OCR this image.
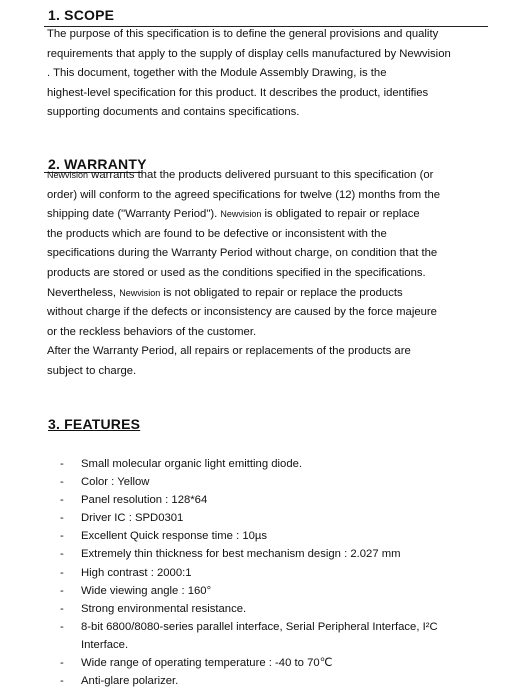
1. SCOPE
The purpose of this specification is to define the general provisions and quality
requirements that apply to the supply of display cells manufactured by Newvision
. This document, together with the Module Assembly Drawing, is the
highest-level specification for this product. It describes the product, identifies
supporting documents and contains specifications.
2. WARRANTY
Newvision warrants that the products delivered pursuant to this specification (or
order) will conform to the agreed specifications for twelve (12) months from the
shipping date ("Warranty Period"). Newvision is obligated to repair or replace
the products which are found to be defective or inconsistent with the
specifications during the Warranty Period without charge, on condition that the
products are stored or used as the conditions specified in the specifications.
Nevertheless, Newvision is not obligated to repair or replace the products
without charge if the defects or inconsistency are caused by the force majeure
or the reckless behaviors of the customer.
After the Warranty Period, all repairs or replacements of the products are
subject to charge.
3. FEATURES
- Small molecular organic light emitting diode.
- Color : Yellow
- Panel resolution : 128*64
- Driver IC : SPD0301
- Excellent Quick response time : 10µs
- Extremely thin thickness for best mechanism design : 2.027 mm
- High contrast : 2000:1
- Wide viewing angle : 160°
- Strong environmental resistance.
- 8-bit 6800/8080-series parallel interface, Serial Peripheral Interface, I²C
Interface.
- Wide range of operating temperature : -40 to 70℃
- Anti-glare polarizer.
